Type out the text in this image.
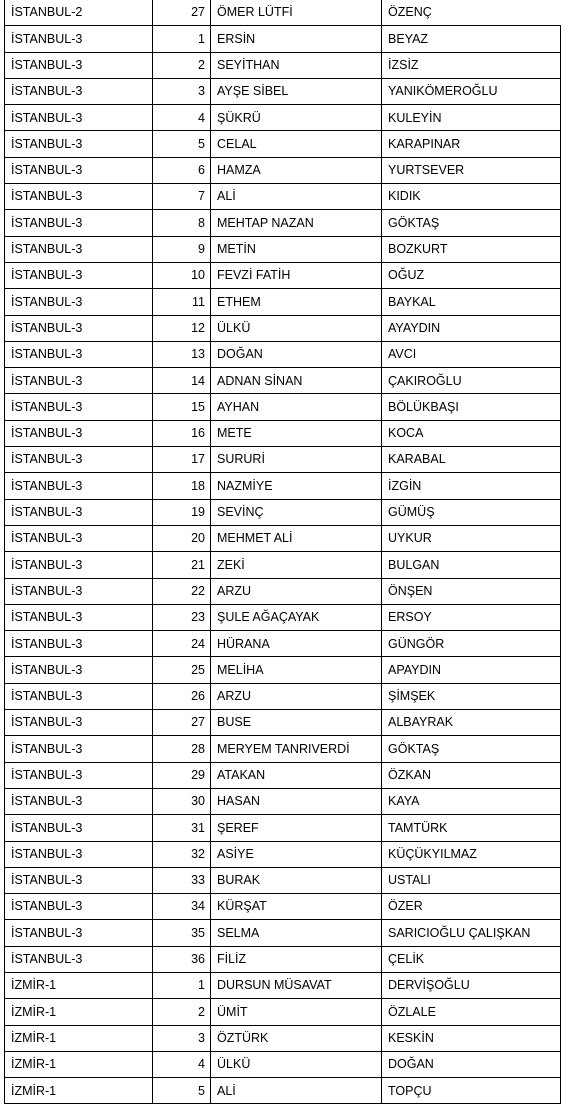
İSTANBUL-2	27	ÖMER LÜTFİ	ÖZENÇ
İSTANBUL-3	1	ERSİN	BEYAZ
İSTANBUL-3	2	SEYİTHAN	İZSİZ
İSTANBUL-3	3	AYŞE SİBEL	YANIKÖMEROĞLU
İSTANBUL-3	4	ŞÜKRÜ	KULEYİN
İSTANBUL-3	5	CELAL	KARAPINAR
İSTANBUL-3	6	HAMZA	YURTSEVER
İSTANBUL-3	7	ALİ	KIDIK
İSTANBUL-3	8	MEHTAP NAZAN	GÖKTAŞ
İSTANBUL-3	9	METİN	BOZKURT
İSTANBUL-3	10	FEVZİ FATİH	OĞUZ
İSTANBUL-3	11	ETHEM	BAYKAL
İSTANBUL-3	12	ÜLKÜ	AYAYDIN
İSTANBUL-3	13	DOĞAN	AVCI
İSTANBUL-3	14	ADNAN SİNAN	ÇAKIROĞLU
İSTANBUL-3	15	AYHAN	BÖLÜKBAŞI
İSTANBUL-3	16	METE	KOCA
İSTANBUL-3	17	SURURİ	KARABAL
İSTANBUL-3	18	NAZMİYE	İZGİN
İSTANBUL-3	19	SEVİNÇ	GÜMÜŞ
İSTANBUL-3	20	MEHMET ALİ	UYKUR
İSTANBUL-3	21	ZEKİ	BULGAN
İSTANBUL-3	22	ARZU	ÖNŞEN
İSTANBUL-3	23	ŞULE AĞAÇAYAK	ERSOY
İSTANBUL-3	24	HÜRANA	GÜNGÖR
İSTANBUL-3	25	MELİHA	APAYDIN
İSTANBUL-3	26	ARZU	ŞİMŞEK
İSTANBUL-3	27	BUSE	ALBAYRAK
İSTANBUL-3	28	MERYEM TANRIVERDİ	GÖKTAŞ
İSTANBUL-3	29	ATAKAN	ÖZKAN
İSTANBUL-3	30	HASAN	KAYA
İSTANBUL-3	31	ŞEREF	TAMTÜRK
İSTANBUL-3	32	ASİYE	KÜÇÜKYILMAZ
İSTANBUL-3	33	BURAK	USTALI
İSTANBUL-3	34	KÜRŞAT	ÖZER
İSTANBUL-3	35	SELMA	SARICIOĞLU ÇALIŞKAN
İSTANBUL-3	36	FİLİZ	ÇELİK
İZMİR-1	1	DURSUN MÜSAVAT	DERVİŞOĞLU
İZMİR-1	2	ÜMİT	ÖZLALE
İZMİR-1	3	ÖZTÜRK	KESKİN
İZMİR-1	4	ÜLKÜ	DOĞAN
İZMİR-1	5	ALİ	TOPÇU
